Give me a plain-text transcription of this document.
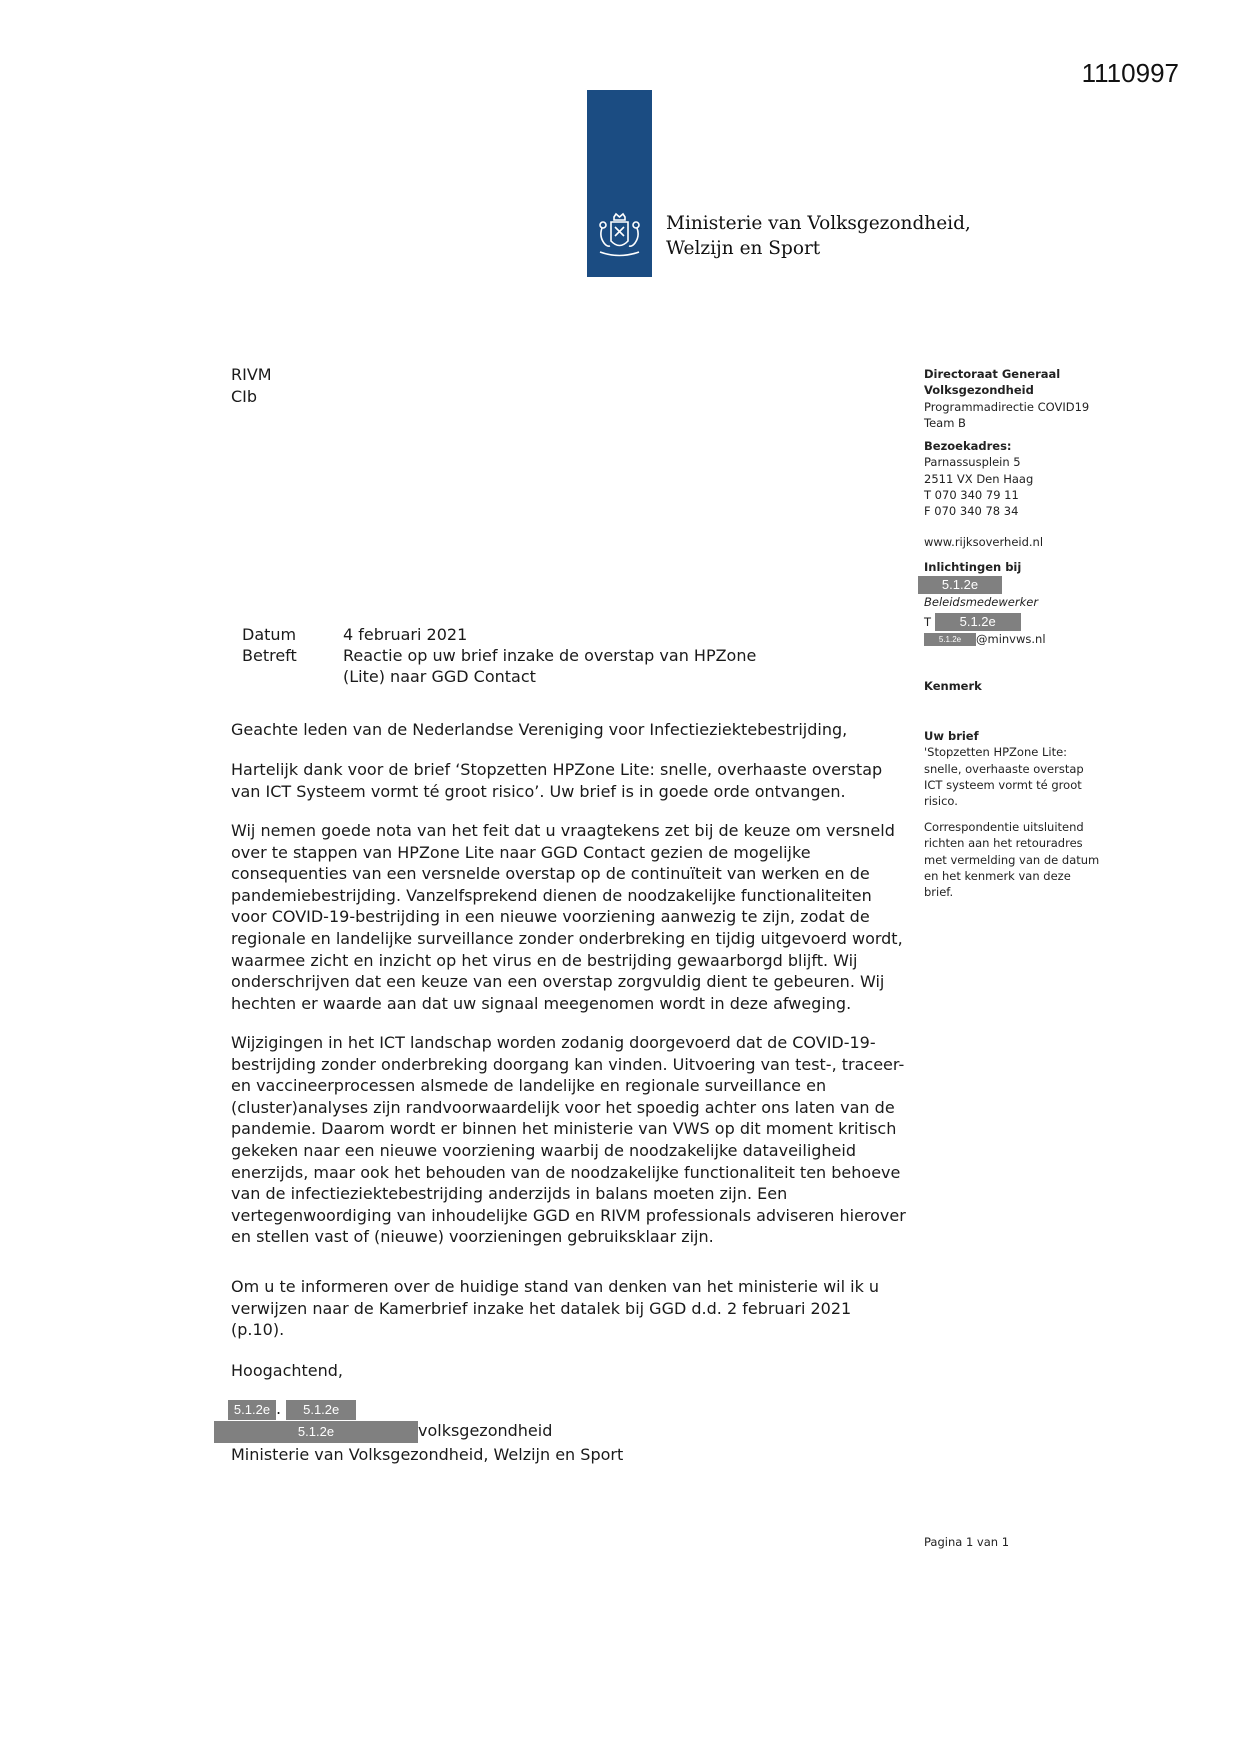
1110997
Ministerie van Volksgezondheid,
Welzijn en Sport
RIVM
CIb
Directoraat Generaal
Volksgezondheid
Programmadirectie COVID19
Team B
Bezoekadres:
Parnassusplein 5
2511 VX Den Haag
T 070 340 79 11
F 070 340 78 34
www.rijksoverheid.nl
Inlichtingen bij
5.1.2e
Beleidsmedewerker
T 5.1.2e
5.1.2e @minvws.nl
Kenmerk
Uw brief
'Stopzetten HPZone Lite:
snelle, overhaaste overstap
ICT systeem vormt té groot
risico.
Correspondentie uitsluitend
richten aan het retouradres
met vermelding van de datum
en het kenmerk van deze
brief.
Datum	4 februari 2021
Betreft	Reactie op uw brief inzake de overstap van HPZone
(Lite) naar GGD Contact
Geachte leden van de Nederlandse Vereniging voor Infectieziektebestrijding,
Hartelijk dank voor de brief ‘Stopzetten HPZone Lite: snelle, overhaaste overstap van ICT Systeem vormt té groot risico’. Uw brief is in goede orde ontvangen.
Wij nemen goede nota van het feit dat u vraagtekens zet bij de keuze om versneld over te stappen van HPZone Lite naar GGD Contact gezien de mogelijke consequenties van een versnelde overstap op de continuïteit van werken en de pandemiebestrijding. Vanzelfsprekend dienen de noodzakelijke functionaliteiten voor COVID-19-bestrijding in een nieuwe voorziening aanwezig te zijn, zodat de regionale en landelijke surveillance zonder onderbreking en tijdig uitgevoerd wordt, waarmee zicht en inzicht op het virus en de bestrijding gewaarborgd blijft. Wij onderschrijven dat een keuze van een overstap zorgvuldig dient te gebeuren. Wij hechten er waarde aan dat uw signaal meegenomen wordt in deze afweging.
Wijzigingen in het ICT landschap worden zodanig doorgevoerd dat de COVID-19-bestrijding zonder onderbreking doorgang kan vinden. Uitvoering van test-, traceer- en vaccineerprocessen alsmede de landelijke en regionale surveillance en (cluster)analyses zijn randvoorwaardelijk voor het spoedig achter ons laten van de pandemie. Daarom wordt er binnen het ministerie van VWS op dit moment kritisch gekeken naar een nieuwe voorziening waarbij de noodzakelijke dataveiligheid enerzijds, maar ook het behouden van de noodzakelijke functionaliteit ten behoeve van de infectieziektebestrijding anderzijds in balans moeten zijn. Een vertegenwoordiging van inhoudelijke GGD en RIVM professionals adviseren hierover en stellen vast of (nieuwe) voorzieningen gebruiksklaar zijn.
Om u te informeren over de huidige stand van denken van het ministerie wil ik u verwijzen naar de Kamerbrief inzake het datalek bij GGD d.d. 2 februari 2021 (p.10).
Hoogachtend,
5.1.2e . 5.1.2e
5.1.2e	volksgezondheid
Ministerie van Volksgezondheid, Welzijn en Sport
Pagina 1 van 1
